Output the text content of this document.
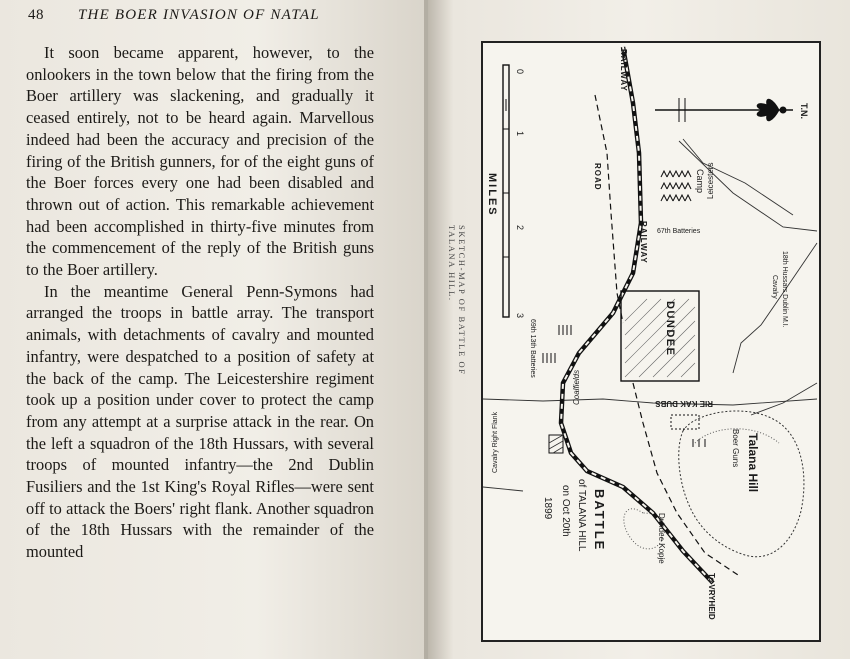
48 THE BOER INVASION OF NATAL

It soon became apparent, however, to the onlookers in the town below that the firing from the Boer artillery was slackening, and gradually it ceased entirely, not to be heard again. Marvellous indeed had been the accuracy and precision of the firing of the British gunners, for of the eight guns of the Boer forces every one had been disabled and thrown out of action. This remarkable achievement had been accomplished in thirty-five minutes from the commencement of the reply of the British guns to the Boer artillery.

In the meantime General Penn-Symons had arranged the troops in battle array. The transport animals, with detachments of cavalry and mounted infantry, were despatched to a position of safety at the back of the camp. The Leicestershire regiment took up a position under cover to protect the camp from any attempt at a surprise attack in the rear. On the left a squadron of the 18th Hussars, with several troops of mounted infantry—the 2nd Dublin Fusiliers and the 1st King's Royal Rifles—were sent off to attack the Boers' right flank. Another squadron of the 18th Hussars with the remainder of the mounted

SKETCH-MAP OF BATTLE OF TALANA HILL.
0
1
2
3
MILES
T.N.
DUNDEE
RAILWAY
ROAD
RAILWAY
Camp Leicesters
67th Batteries
18th Hussars Dublin M.I.
Cavalry
69th 13th Batteries
RIE KAK DUBS
Coalfields
Cavalry Right Flank	Boer Guns Talana Hill
Dundee Kopje
To VRYHEID
BATTLE
of TALANA HILL
on Oct 20th
1899
